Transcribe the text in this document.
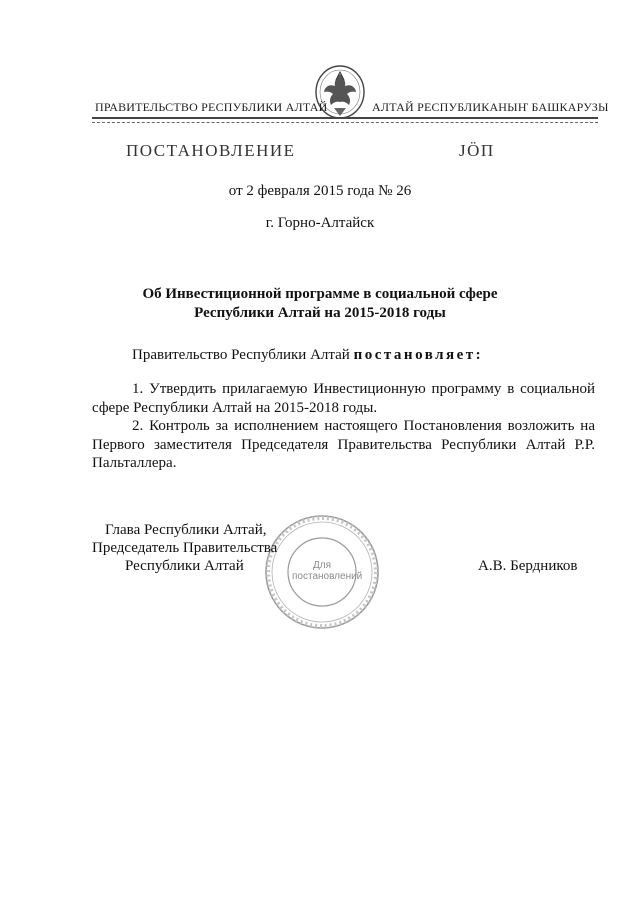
ПРАВИТЕЛЬСТВО РЕСПУБЛИКИ АЛТАЙ	АЛТАЙ РЕСПУБЛИКАНЫҤ БАШКАРУЗЫ
ПОСТАНОВЛЕНИЕ	JÖП
от 2 февраля 2015 года № 26
г. Горно-Алтайск
Об Инвестиционной программе в социальной сфере
Республики Алтай на 2015-2018 годы
Правительство Республики Алтай постановляет:
1. Утвердить прилагаемую Инвестиционную программу в социальной сфере Республики Алтай на 2015-2018 годы.
2. Контроль за исполнением настоящего Постановления возложить на Первого заместителя Председателя Правительства Республики Алтай Р.Р. Пальталлера.
Для
постановлений
Глава Республики Алтай,
Председатель Правительства
Республики Алтай	А.В. Бердников
